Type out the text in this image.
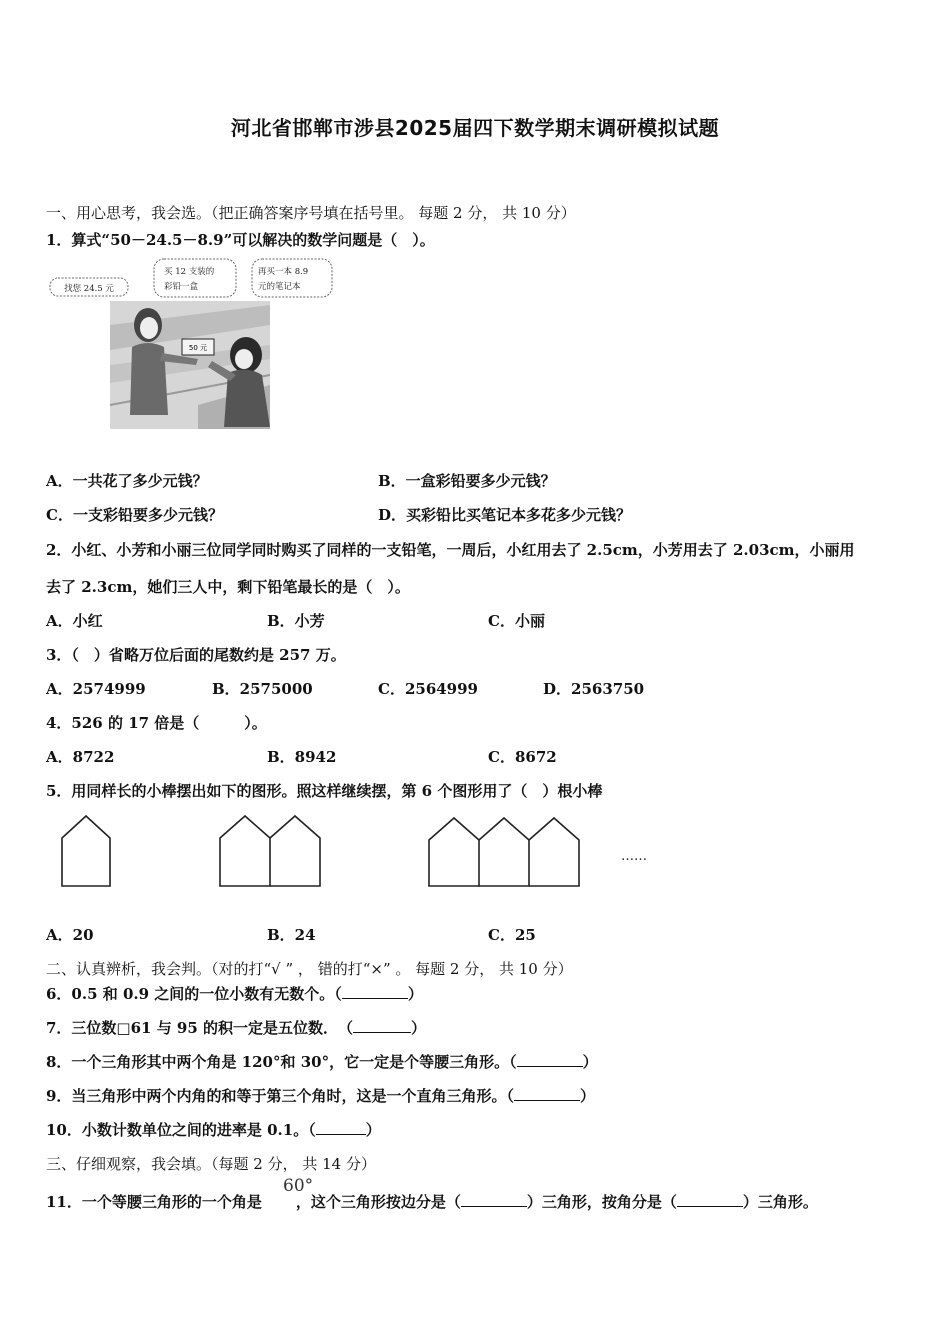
河北省邯郸市涉县2025届四下数学期末调研模拟试题
一、用心思考，我会选。（把正确答案序号填在括号里。 每题 2 分， 共 10 分）
1．算式“50－24.5－8.9”可以解决的数学问题是（　）。
50 元
找您 24.5 元
买 12 支装的
彩铅一盒
再买一本 8.9
元的笔记本
A．一共花了多少元钱？	B．一盒彩铅要多少元钱？
C．一支彩铅要多少元钱？	D．买彩铅比买笔记本多花多少元钱？
2．小红、小芳和小丽三位同学同时购买了同样的一支铅笔，一周后，小红用去了 2.5cm，小芳用去了 2.03cm，小丽用
去了 2.3cm，她们三人中，剩下铅笔最长的是（　）。
A．小红	B．小芳	C．小丽
3．（　）省略万位后面的尾数约是 257 万。
A．2574999	B．2575000	C．2564999	D．2563750
4．526 的 17 倍是（　　　）。
A．8722	B．8942	C．8672
5．用同样长的小棒摆出如下的图形。照这样继续摆，第 6 个图形用了（　）根小棒
……
A．20	B．24	C．25
二、认真辨析，我会判。（对的打“√ ” ， 错的打“×” 。 每题 2 分， 共 10 分）
6．0.5 和 0.9 之间的一位小数有无数个。（	）
7．三位数□61 与 95 的积一定是五位数．　（	）
8．一个三角形其中两个角是 120°和 30°，它一定是个等腰三角形。（	）
9．当三角形中两个内角的和等于第三个角时，这是一个直角三角形。（	）
10．小数计数单位之间的进率是 0.1。（	）
三、仔细观察，我会填。（每题 2 分， 共 14 分）
60°
11．一个等腰三角形的一个角是 ，这个三角形按边分是（	）三角形，按角分是（	）三角形。
